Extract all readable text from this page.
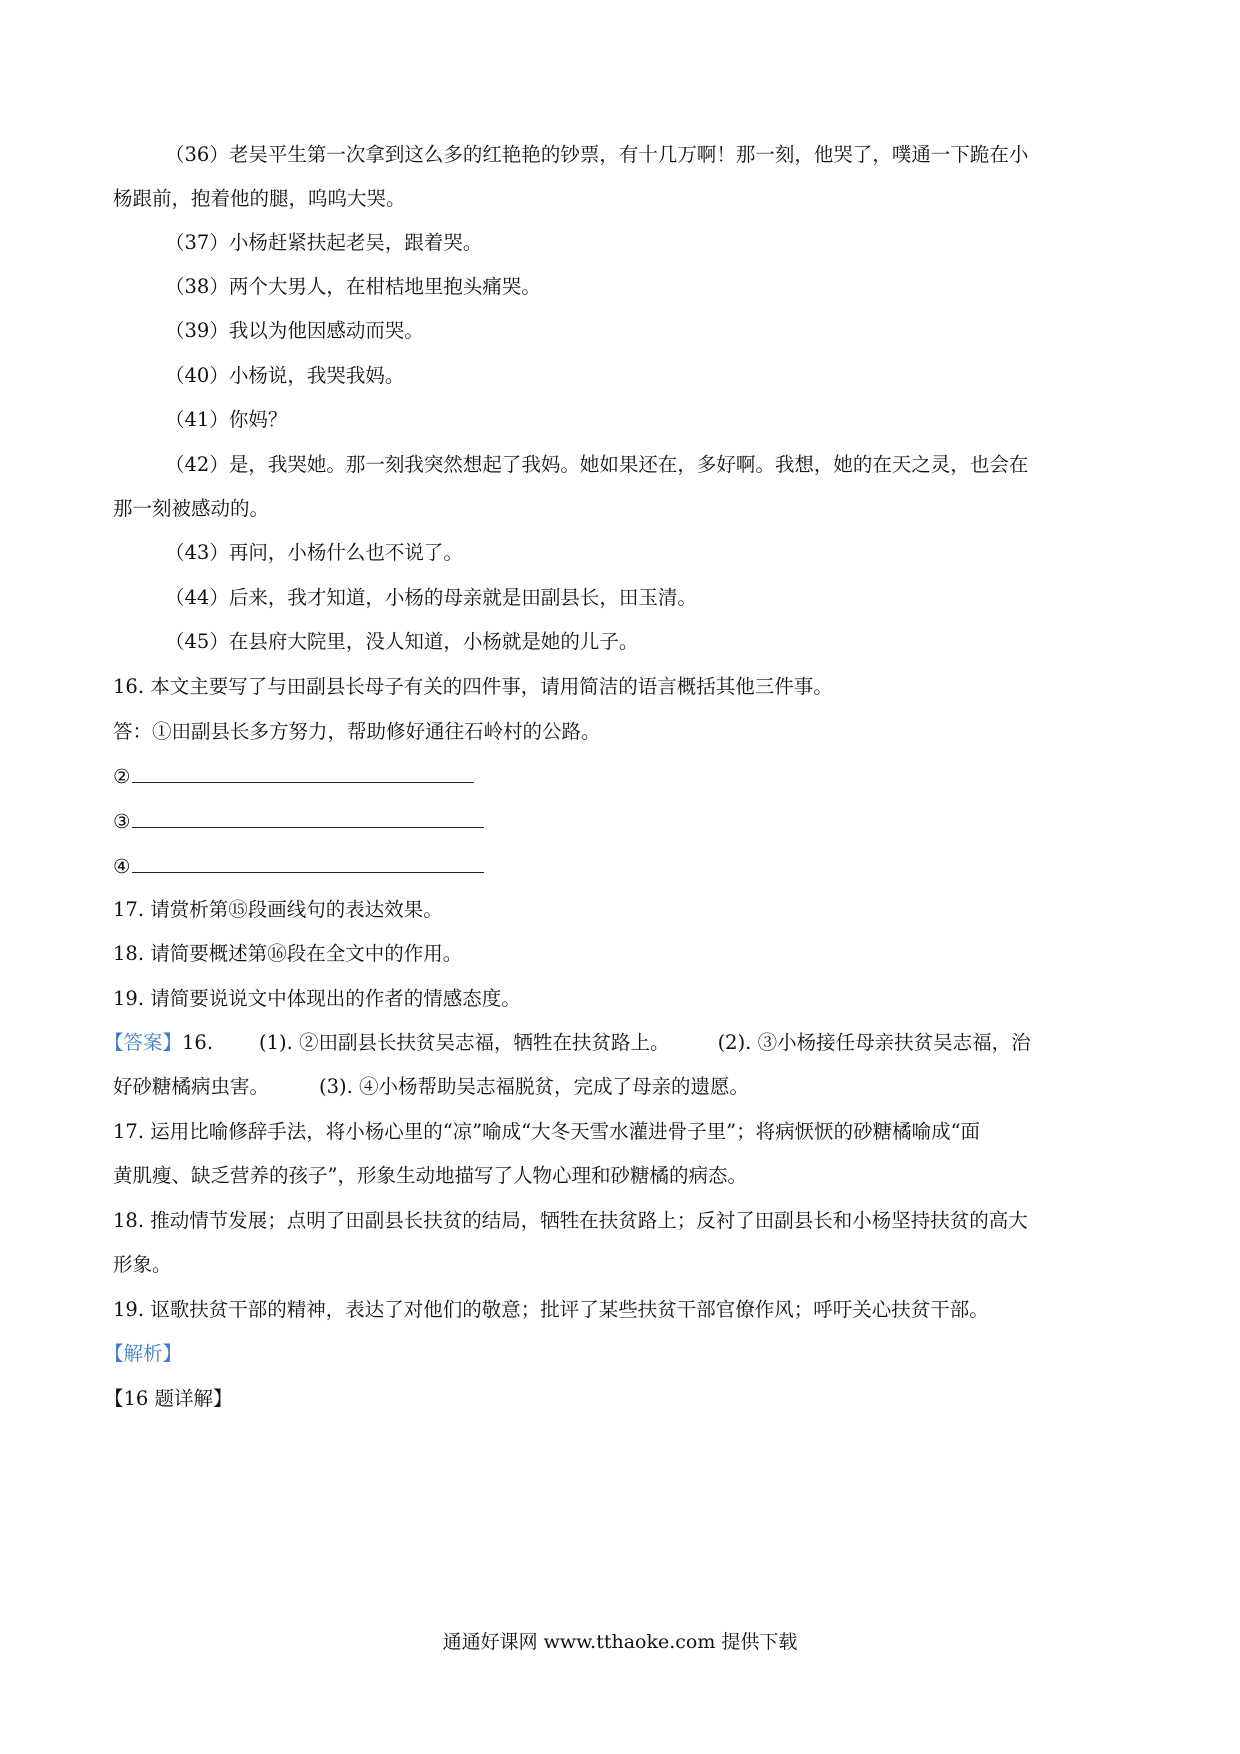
（36）老吴平生第一次拿到这么多的红艳艳的钞票，有十几万啊！那一刻，他哭了，噗通一下跪在小
杨跟前，抱着他的腿，呜呜大哭。
（37）小杨赶紧扶起老吴，跟着哭。
（38）两个大男人，在柑桔地里抱头痛哭。
（39）我以为他因感动而哭。
（40）小杨说，我哭我妈。
（41）你妈？
（42）是，我哭她。那一刻我突然想起了我妈。她如果还在，多好啊。我想，她的在天之灵，也会在
那一刻被感动的。
（43）再问，小杨什么也不说了。
（44）后来，我才知道，小杨的母亲就是田副县长，田玉清。
（45）在县府大院里，没人知道，小杨就是她的儿子。
16. 本文主要写了与田副县长母子有关的四件事，请用简洁的语言概括其他三件事。
答：①田副县长多方努力，帮助修好通往石岭村的公路。
②
③
④
17. 请赏析第⑮段画线句的表达效果。
18. 请简要概述第⑯段在全文中的作用。
19. 请简要说说文中体现出的作者的情感态度。
【答案】16. (1). ②田副县长扶贫吴志福，牺牲在扶贫路上。 (2). ③小杨接任母亲扶贫吴志福，治
好砂糖橘病虫害。	(3). ④小杨帮助吴志福脱贫，完成了母亲的遗愿。
17. 运用比喻修辞手法，将小杨心里的“凉”喻成“大冬天雪水灌进骨子里”；将病恹恹的砂糖橘喻成“面
黄肌瘦、缺乏营养的孩子”，形象生动地描写了人物心理和砂糖橘的病态。
18. 推动情节发展；点明了田副县长扶贫的结局，牺牲在扶贫路上；反衬了田副县长和小杨坚持扶贫的高大
形象。
19. 讴歌扶贫干部的精神，表达了对他们的敬意；批评了某些扶贫干部官僚作风；呼吁关心扶贫干部。
【解析】
【16 题详解】
通通好课网 www.tthaoke.com 提供下载
